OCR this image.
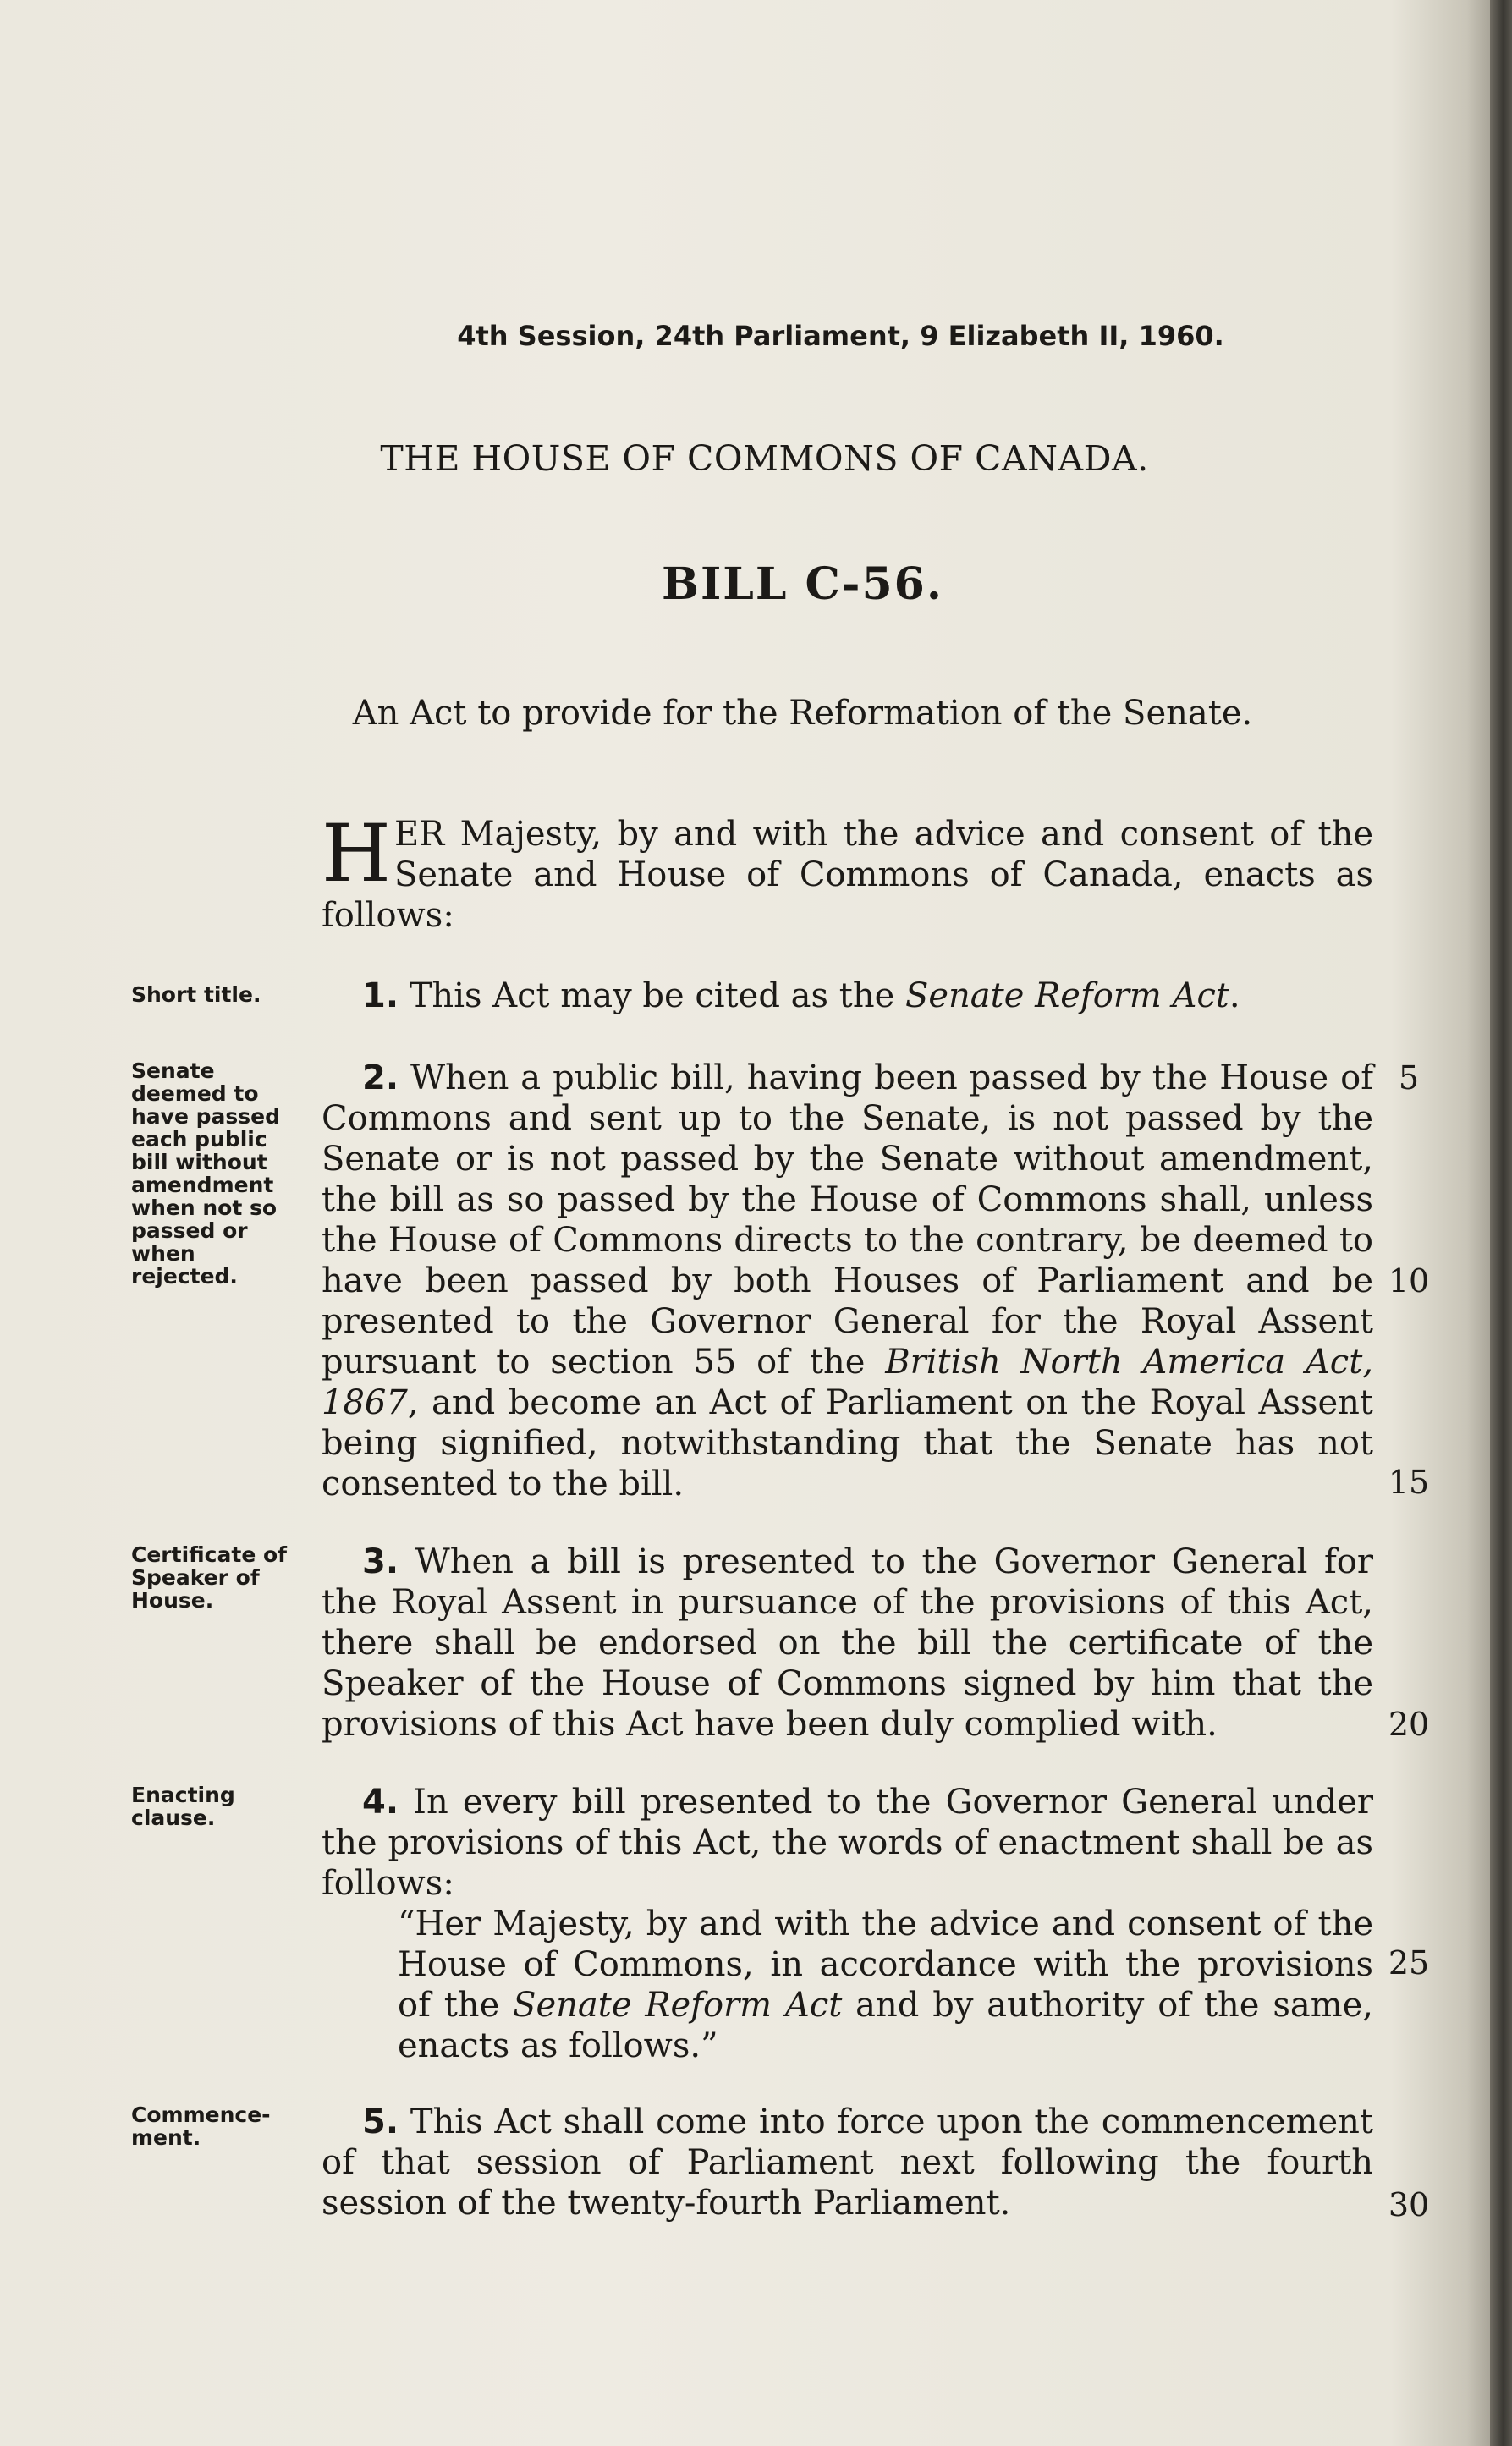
4th Session, 24th Parliament, 9 Elizabeth II, 1960.
THE HOUSE OF COMMONS OF CANADA.
BILL C-56.
An Act to provide for the Reformation of the Senate.
HER Majesty, by and with the advice and consent of the Senate and House of Commons of Canada, enacts as follows:
Short title.	1. This Act may be cited as the Senate Reform Act.
Senate deemed to have passed each public bill without amendment when not so passed or when rejected.
2. When a public bill, having been passed by the House of Commons and sent up to the Senate, is not passed by the Senate or is not passed by the Senate without amendment, the bill as so passed by the House of Commons shall, unless the House of Commons directs to the contrary, be deemed to have been passed by both Houses of Parliament and be presented to the Governor General for the Royal Assent pursuant to section 55 of the British North America Act, 1867, and become an Act of Parliament on the Royal Assent being signified, notwithstanding that the Senate has not consented to the bill.
Certificate of Speaker of House.
3. When a bill is presented to the Governor General for the Royal Assent in pursuance of the provisions of this Act, there shall be endorsed on the bill the certificate of the Speaker of the House of Commons signed by him that the provisions of this Act have been duly complied with.
Enacting clause.	4. In every bill presented to the Governor General under the provisions of this Act, the words of enactment shall be as follows:
“Her Majesty, by and with the advice and consent of the House of Commons, in accordance with the provisions of the Senate Reform Act and by authority of the same, enacts as follows.”
Commence-ment.	5. This Act shall come into force upon the commencement of that session of Parliament next following the fourth session of the twenty-fourth Parliament.
5
10
15
20
25
30
